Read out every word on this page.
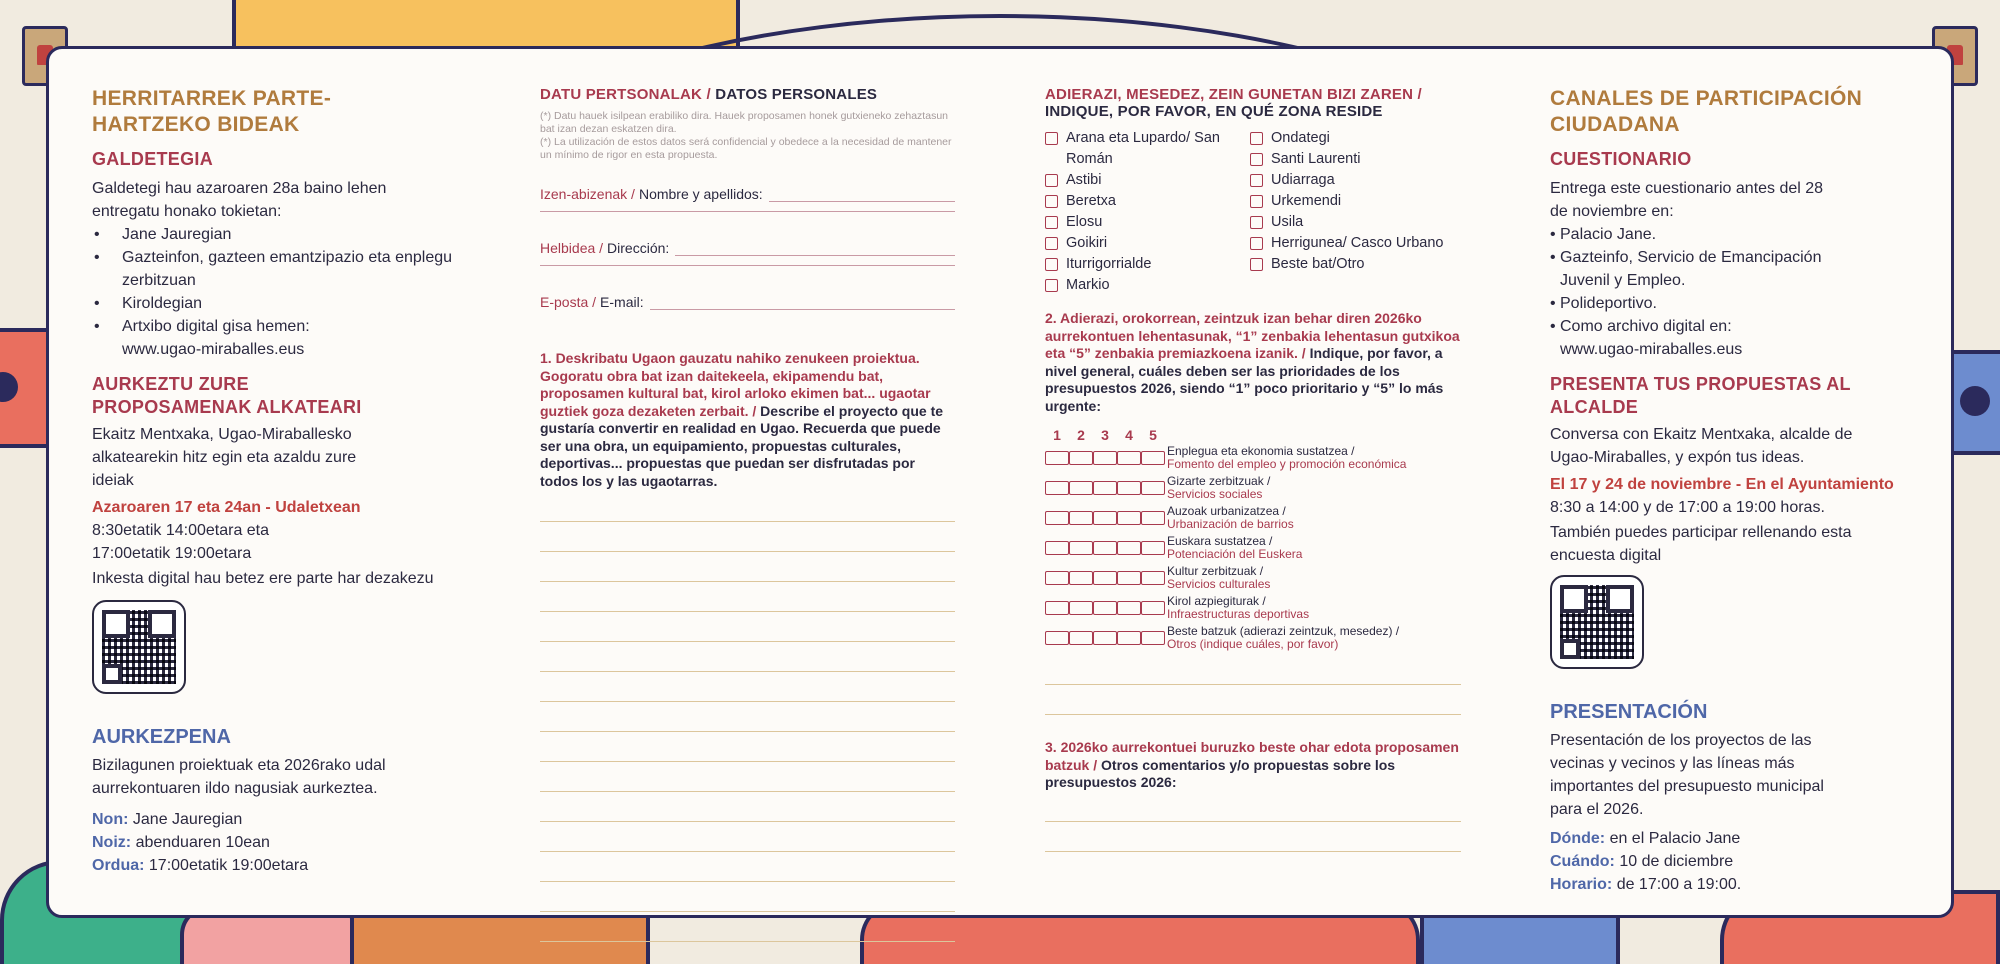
HERRITARREK PARTE-HARTZEKO BIDEAK
GALDETEGIA
Galdetegi hau azaroaren 28a baino lehen entregatu honako tokietan:
• Jane Jauregian
• Gazteinfon, gazteen emantzipazio eta enplegu zerbitzuan
• Kiroldegian
• Artxibo digital gisa hemen: www.ugao-miraballes.eus
AURKEZTU ZURE PROPOSAMENAK ALKATEARI
Ekaitz Mentxaka, Ugao-Miraballesko alkatearekin hitz egin eta azaldu zure ideiak
Azaroaren 17 eta 24an - Udaletxean
8:30etatik 14:00etara eta 17:00etatik 19:00etara
Inkesta digital hau betez ere parte har dezakezu
AURKEZPENA
Bizilagunen proiektuak eta 2026rako udal aurrekontuaren ildo nagusiak aurkeztea.
Non: Jane Jauregian
Noiz: abenduaren 10ean
Ordua: 17:00etatik 19:00etara
DATU PERTSONALAK / DATOS PERSONALES
(*) Datu hauek isilpean erabiliko dira. Hauek proposamen honek gutxieneko zehaztasun bat izan dezan eskatzen dira.
(*) La utilización de estos datos será confidencial y obedece a la necesidad de mantener un mínimo de rigor en esta propuesta.
Izen-abizenak / Nombre y apellidos:
Helbidea / Dirección:
E-posta / E-mail:
1. Deskribatu Ugaon gauzatu nahiko zenukeen proiektua. Gogoratu obra bat izan daitekeela, ekipamendu bat, proposamen kultural bat, kirol arloko ekimen bat... ugaotar guztiek goza dezaketen zerbait. / Describe el proyecto que te gustaría convertir en realidad en Ugao. Recuerda que puede ser una obra, un equipamiento, propuestas culturales, deportivas... propuestas que puedan ser disfrutadas por todos los y las ugaotarras.
ADIERAZI, MESEDEZ, ZEIN GUNETAN BIZI ZAREN /
INDIQUE, POR FAVOR, EN QUÉ ZONA RESIDE
Arana eta Lupardo/ San Román
Astibi
Beretxa
Elosu
Goikiri
Iturrigorrialde
Markio
Ondategi
Santi Laurenti
Udiarraga
Urkemendi
Usila
Herrigunea/ Casco Urbano
Beste bat/Otro
2. Adierazi, orokorrean, zeintzuk izan behar diren 2026ko aurrekontuen lehentasunak, “1” zenbakia lehentasun gutxikoa eta “5” zenbakia premiazkoena izanik. / Indique, por favor, a nivel general, cuáles deben ser las prioridades de los presupuestos 2026, siendo “1” poco prioritario y “5” lo más urgente:
1	2	3	4	5
Enplegua eta ekonomia sustatzea /
Fomento del empleo y promoción económica
Gizarte zerbitzuak /
Servicios sociales
Auzoak urbanizatzea /
Urbanización de barrios
Euskara sustatzea /
Potenciación del Euskera
Kultur zerbitzuak /
Servicios culturales
Kirol azpiegiturak /
Infraestructuras deportivas
Beste batzuk (adierazi zeintzuk, mesedez) /
Otros (indique cuáles, por favor)
3. 2026ko aurrekontuei buruzko beste ohar edota proposamen batzuk / Otros comentarios y/o propuestas sobre los presupuestos 2026:
CANALES DE PARTICIPACIÓN CIUDADANA
CUESTIONARIO
Entrega este cuestionario antes del 28 de noviembre en:
• Palacio Jane.
• Gazteinfo, Servicio de Emancipación Juvenil y Empleo.
• Polideportivo.
• Como archivo digital en: www.ugao-miraballes.eus
PRESENTA TUS PROPUESTAS AL ALCALDE
Conversa con Ekaitz Mentxaka, alcalde de Ugao-Miraballes, y expón tus ideas.
El 17 y 24 de noviembre - En el Ayuntamiento
8:30 a 14:00 y de 17:00 a 19:00 horas.
También puedes participar rellenando esta encuesta digital
PRESENTACIÓN
Presentación de los proyectos de las vecinas y vecinos y las líneas más importantes del presupuesto municipal para el 2026.
Dónde: en el Palacio Jane
Cuándo: 10 de diciembre
Horario: de 17:00 a 19:00.
